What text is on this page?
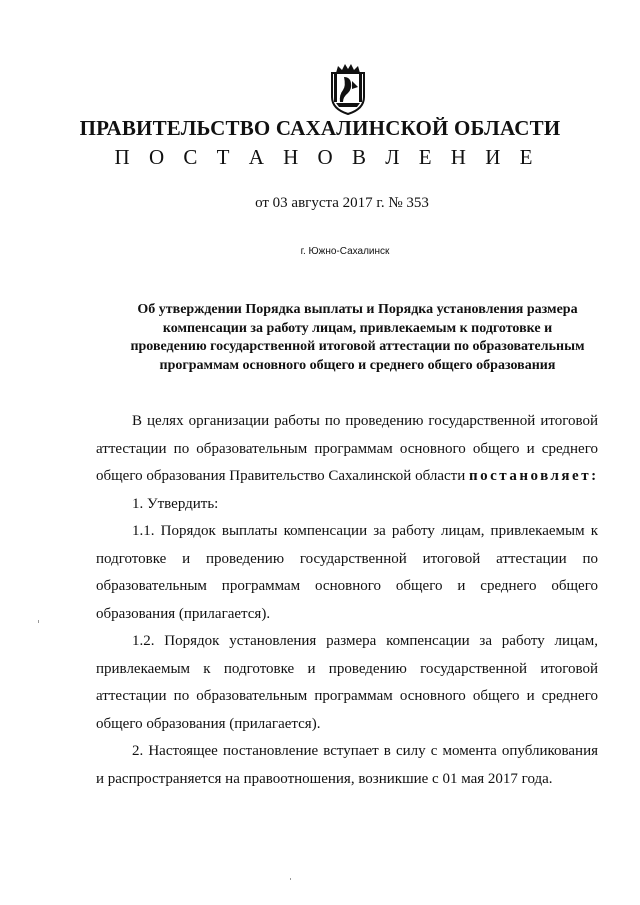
ПРАВИТЕЛЬСТВО САХАЛИНСКОЙ ОБЛАСТИ
П О С Т А Н О В Л Е Н И Е
от 03 августа 2017 г. № 353
г. Южно-Сахалинск
Об утверждении Порядка выплаты и Порядка установления размера
компенсации за работу лицам, привлекаемым к подготовке и
проведению государственной итоговой аттестации по образовательным
программам основного общего и среднего общего образования
В целях организации работы по проведению государственной итоговой
аттестации по образовательным программам основного общего и среднего
общего образования Правительство Сахалинской области постановляет:
1. Утвердить:
1.1. Порядок выплаты компенсации за работу лицам, привлекаемым к
подготовке и проведению государственной итоговой аттестации по
образовательным программам основного общего и среднего общего
образования (прилагается).
1.2. Порядок установления размера компенсации за работу лицам,
привлекаемым к подготовке и проведению государственной итоговой
аттестации по образовательным программам основного общего и среднего
общего образования (прилагается).
2. Настоящее постановление вступает в силу с момента опубликования
и распространяется на правоотношения, возникшие с 01 мая 2017 года.
